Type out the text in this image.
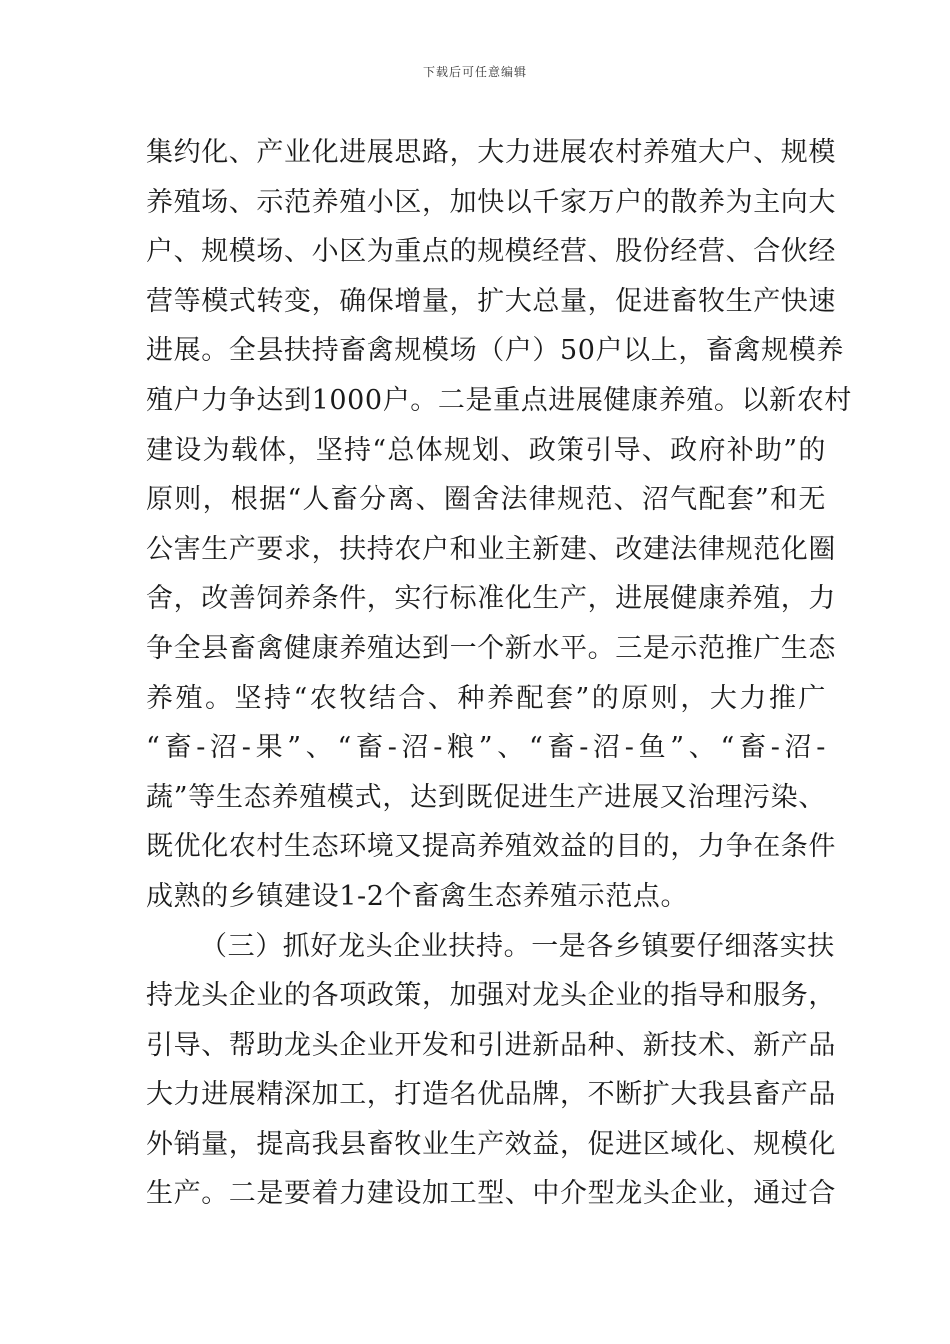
下载后可任意编辑
集约化、产业化进展思路，大力进展农村养殖大户、规模
养殖场、示范养殖小区，加快以千家万户的散养为主向大
户、规模场、小区为重点的规模经营、股份经营、合伙经
营等模式转变，确保增量，扩大总量，促进畜牧生产快速
进展。全县扶持畜禽规模场（户）50户以上，畜禽规模养
殖户力争达到1000户。二是重点进展健康养殖。以新农村
建设为载体，坚持“总体规划、政策引导、政府补助”的
原则，根据“人畜分离、圈舍法律规范、沼气配套”和无
公害生产要求，扶持农户和业主新建、改建法律规范化圈
舍，改善饲养条件，实行标准化生产，进展健康养殖，力
争全县畜禽健康养殖达到一个新水平。三是示范推广生态
养殖。坚持“农牧结合、种养配套”的原则，大力推广
“畜-沼-果”、“畜-沼-粮”、“畜-沼-鱼”、“畜-沼-
蔬”等生态养殖模式，达到既促进生产进展又治理污染、
既优化农村生态环境又提高养殖效益的目的，力争在条件
成熟的乡镇建设1-2个畜禽生态养殖示范点。
（三）抓好龙头企业扶持。一是各乡镇要仔细落实扶
持龙头企业的各项政策，加强对龙头企业的指导和服务，
引导、帮助龙头企业开发和引进新品种、新技术、新产品
大力进展精深加工，打造名优品牌，不断扩大我县畜产品
外销量，提高我县畜牧业生产效益，促进区域化、规模化
生产。二是要着力建设加工型、中介型龙头企业，通过合
